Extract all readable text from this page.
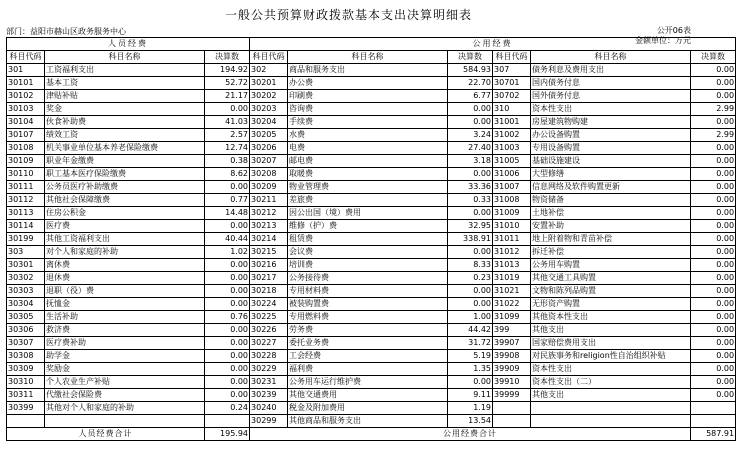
一般公共预算财政拨款基本支出决算明细表
部门：益阳市赫山区政务服务中心	公开06表
金额单位：万元
人员经费			公用经费					
科目代码	科目名称	决算数	科目代码	科目名称	决算数	科目代码	科目名称	决算数
301	工资福利支出	194.92	302	商品和服务支出	584.93	307	债务利息及费用支出	0.00
30101	基本工资	52.72	30201	办公费	22.70	30701	国内债务付息	0.00
30102	津贴补贴	21.17	30202	印刷费	6.77	30702	国外债务付息	0.00
30103	奖金	0.00	30203	咨询费	0.00	310	资本性支出	2.99
30104	伙食补助费	41.03	30204	手续费	0.00	31001	房屋建筑物购建	0.00
30107	绩效工资	2.57	30205	水费	3.24	31002	办公设备购置	2.99
30108	机关事业单位基本养老保险缴费	12.74	30206	电费	27.40	31003	专用设备购置	0.00
30109	职业年金缴费	0.38	30207	邮电费	3.18	31005	基础设施建设	0.00
30110	职工基本医疗保险缴费	8.62	30208	取暖费	0.00	31006	大型修缮	0.00
30111	公务员医疗补助缴费	0.00	30209	物业管理费	33.36	31007	信息网络及软件购置更新	0.00
30112	其他社会保障缴费	0.77	30211	差旅费	0.33	31008	物资储备	0.00
30113	住房公积金	14.48	30212	因公出国（境）费用	0.00	31009	土地补偿	0.00
30114	医疗费	0.00	30213	维修（护）费	32.95	31010	安置补助	0.00
30199	其他工资福利支出	40.44	30214	租赁费	338.91	31011	地上附着物和青苗补偿	0.00
303	对个人和家庭的补助	1.02	30215	会议费	0.00	31012	拆迁补偿	0.00
30301	离休费	0.00	30216	培训费	8.33	31013	公务用车购置	0.00
30302	退休费	0.00	30217	公务接待费	0.23	31019	其他交通工具购置	0.00
30303	退职（役）费	0.00	30218	专用材料费	0.00	31021	文物和陈列品购置	0.00
30304	抚恤金	0.00	30224	被装购置费	0.00	31022	无形资产购置	0.00
30305	生活补助	0.76	30225	专用燃料费	1.00	31099	其他资本性支出	0.00
30306	救济费	0.00	30226	劳务费	44.42	399	其他支出	0.00
30307	医疗费补助	0.00	30227	委托业务费	31.72	39907	国家赔偿费用支出	0.00
30308	助学金	0.00	30228	工会经费	5.19	39908	对民族事务和religion性自治组织补贴	0.00
30309	奖励金	0.00	30229	福利费	1.35	39909	资本性支出	0.00
30310	个人农业生产补贴	0.00	30231	公务用车运行维护费	0.00	39910	资本性支出（二）	0.00
30311	代缴社会保险费	0.00	30239	其他交通费用	9.11	39999	其他支出	0.00
30399	其他对个人和家庭的补助	0.24	30240	税金及附加费用	1.19			
			30299	其他商品和服务支出	13.54			
人员经费合计		195.94	公用经费合计					587.91
